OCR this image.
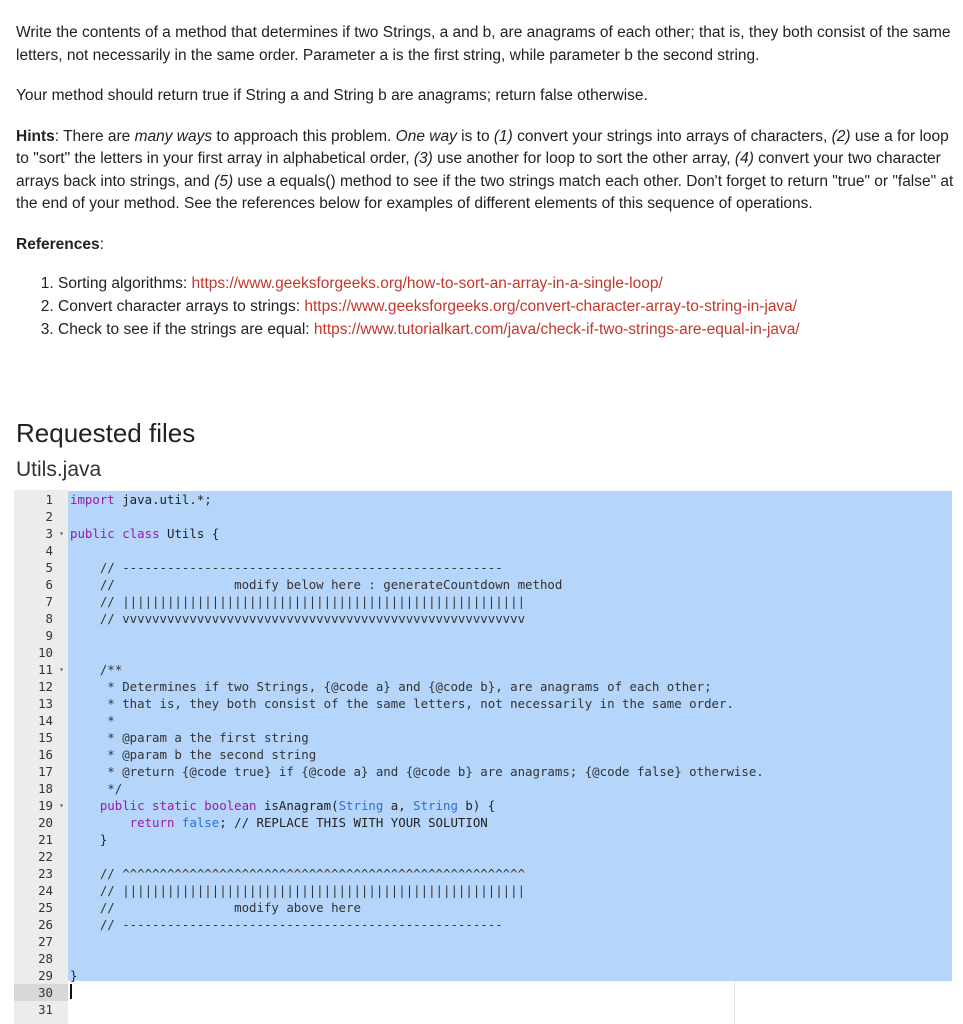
Write the contents of a method that determines if two Strings, a and b, are anagrams of each other; that is, they both consist of the same letters, not necessarily in the same order. Parameter a is the first string, while parameter b the second string.

Your method should return true if String a and String b are anagrams; return false otherwise.

Hints: There are many ways to approach this problem. One way is to (1) convert your strings into arrays of characters, (2) use a for loop to "sort" the letters in your first array in alphabetical order, (3) use another for loop to sort the other array, (4) convert your two character arrays back into strings, and (5) use a equals() method to see if the two strings match each other. Don't forget to return "true" or "false" at the end of your method. See the references below for examples of different elements of this sequence of operations.

References:

1. Sorting algorithms: https://www.geeksforgeeks.org/how-to-sort-an-array-in-a-single-loop/
2. Convert character arrays to strings: https://www.geeksforgeeks.org/convert-character-array-to-string-in-java/
3. Check to see if the strings are equal: https://www.tutorialkart.com/java/check-if-two-strings-are-equal-in-java/
Requested files
Utils.java
1
2
3 ▾
4
5
6
7
8
9
10
11 ▾
12
13
14
15
16
17
18
19 ▾
20
21
22
23
24
25
26
27
28
29
30
31
import java.util.*;
public class Utils {
// ---------------------------------------------------
//                modify below here : generateCountdown method
// ||||||||||||||||||||||||||||||||||||||||||||||||||||||
// vvvvvvvvvvvvvvvvvvvvvvvvvvvvvvvvvvvvvvvvvvvvvvvvvvvvvv
/**
* Determines if two Strings, {@code a} and {@code b}, are anagrams of each other;
* that is, they both consist of the same letters, not necessarily in the same order.
*
* @param a the first string
* @param b the second string
* @return {@code true} if {@code a} and {@code b} are anagrams; {@code false} otherwise.
*/
public static boolean isAnagram(String a, String b) {
return false; // REPLACE THIS WITH YOUR SOLUTION
}
// ^^^^^^^^^^^^^^^^^^^^^^^^^^^^^^^^^^^^^^^^^^^^^^^^^^^^^^
// ||||||||||||||||||||||||||||||||||||||||||||||||||||||
//                modify above here
// ---------------------------------------------------
}
